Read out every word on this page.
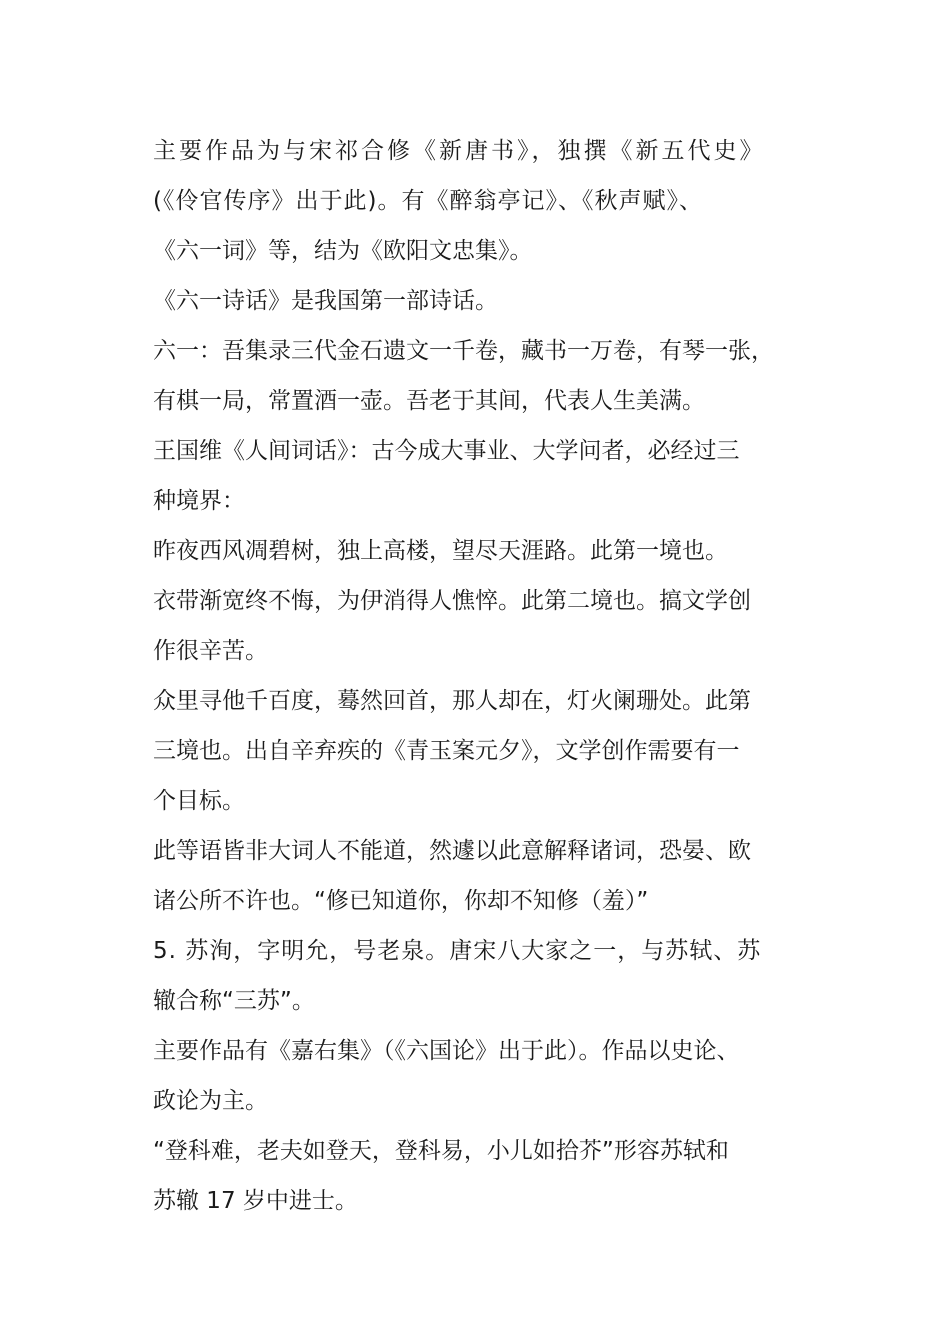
主要作品为与宋祁合修《新唐书》，独撰《新五代史》
(《伶官传序》出于此)。有《醉翁亭记》、《秋声赋》、
《六一词》等，结为《欧阳文忠集》。
《六一诗话》是我国第一部诗话。
六一：吾集录三代金石遗文一千卷，藏书一万卷，有琴一张，
有棋一局，常置酒一壶。吾老于其间，代表人生美满。
王国维《人间词话》：古今成大事业、大学问者，必经过三
种境界：
昨夜西风凋碧树，独上高楼，望尽天涯路。此第一境也。
衣带渐宽终不悔，为伊消得人憔悴。此第二境也。搞文学创
作很辛苦。
众里寻他千百度，蓦然回首，那人却在，灯火阑珊处。此第
三境也。出自辛弃疾的《青玉案元夕》，文学创作需要有一
个目标。
此等语皆非大词人不能道，然遽以此意解释诸词，恐晏、欧
诸公所不许也。“修已知道你，你却不知修（羞）”
5. 苏洵，字明允，号老泉。唐宋八大家之一，与苏轼、苏
辙合称“三苏”。
主要作品有《嘉右集》（《六国论》出于此）。作品以史论、
政论为主。
“登科难，老夫如登天，登科易，小儿如拾芥”形容苏轼和
苏辙 17 岁中进士。
